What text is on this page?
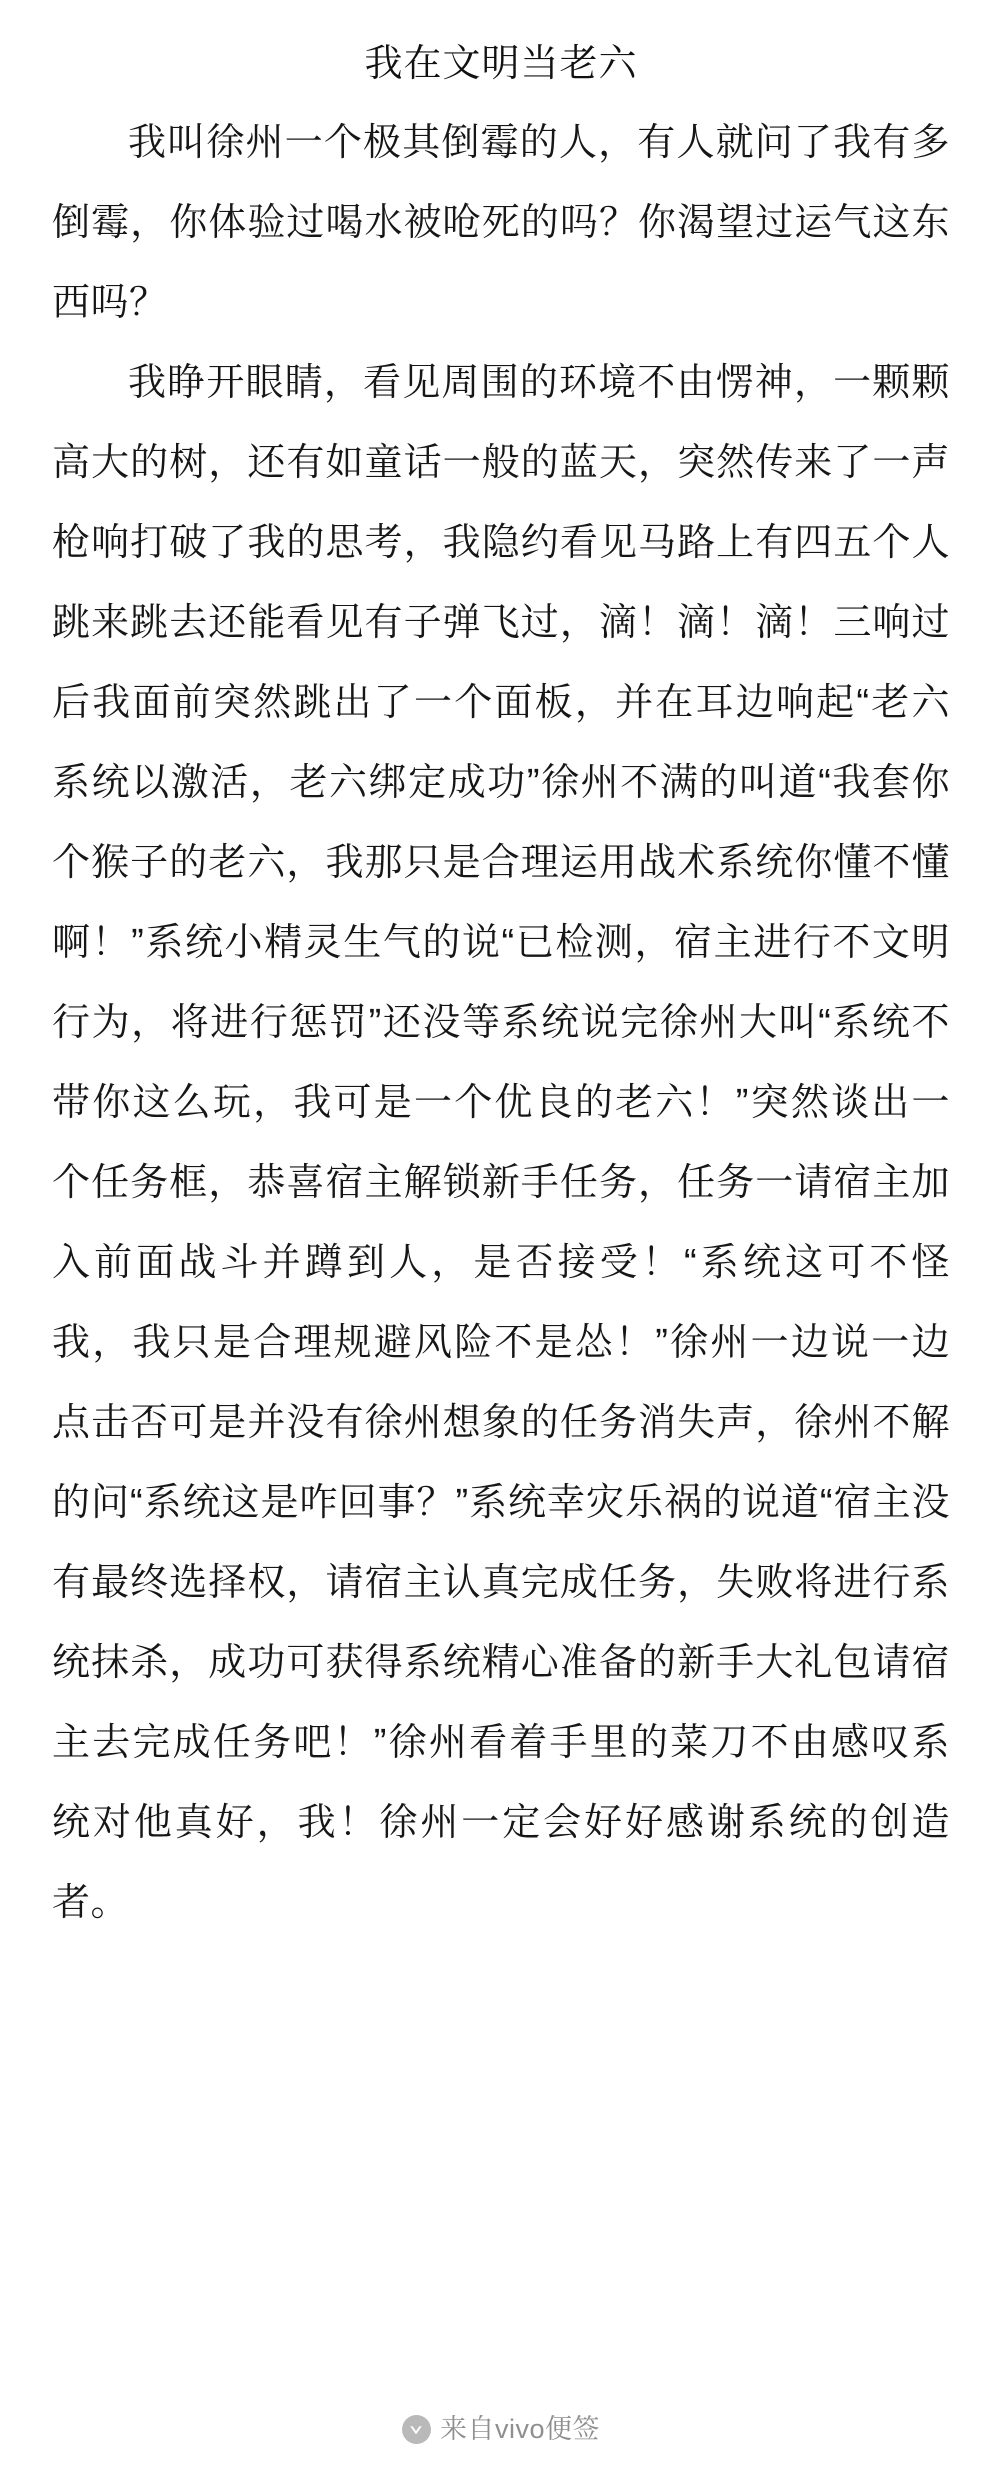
我在文明当老六

我叫徐州一个极其倒霉的人，有人就问了我有多倒霉，你体验过喝水被呛死的吗？你渴望过运气这东西吗？

我睁开眼睛，看见周围的环境不由愣神，一颗颗高大的树，还有如童话一般的蓝天，突然传来了一声枪响打破了我的思考，我隐约看见马路上有四五个人跳来跳去还能看见有子弹飞过，滴！滴！滴！三响过后我面前突然跳出了一个面板，并在耳边响起“老六系统以激活，老六绑定成功”徐州不满的叫道“我套你个猴子的老六，我那只是合理运用战术系统你懂不懂啊！”系统小精灵生气的说“已检测，宿主进行不文明行为，将进行惩罚”还没等系统说完徐州大叫“系统不带你这么玩，我可是一个优良的老六！”突然谈出一个任务框，恭喜宿主解锁新手任务，任务一请宿主加入前面战斗并蹲到人，是否接受！“系统这可不怪我，我只是合理规避风险不是怂！”徐州一边说一边点击否可是并没有徐州想象的任务消失声，徐州不解的问“系统这是咋回事？”系统幸灾乐祸的说道“宿主没有最终选择权，请宿主认真完成任务，失败将进行系统抹杀，成功可获得系统精心准备的新手大礼包请宿主去完成任务吧！”徐州看着手里的菜刀不由感叹系统对他真好，我！徐州一定会好好感谢系统的创造者。

来自vivo便签
